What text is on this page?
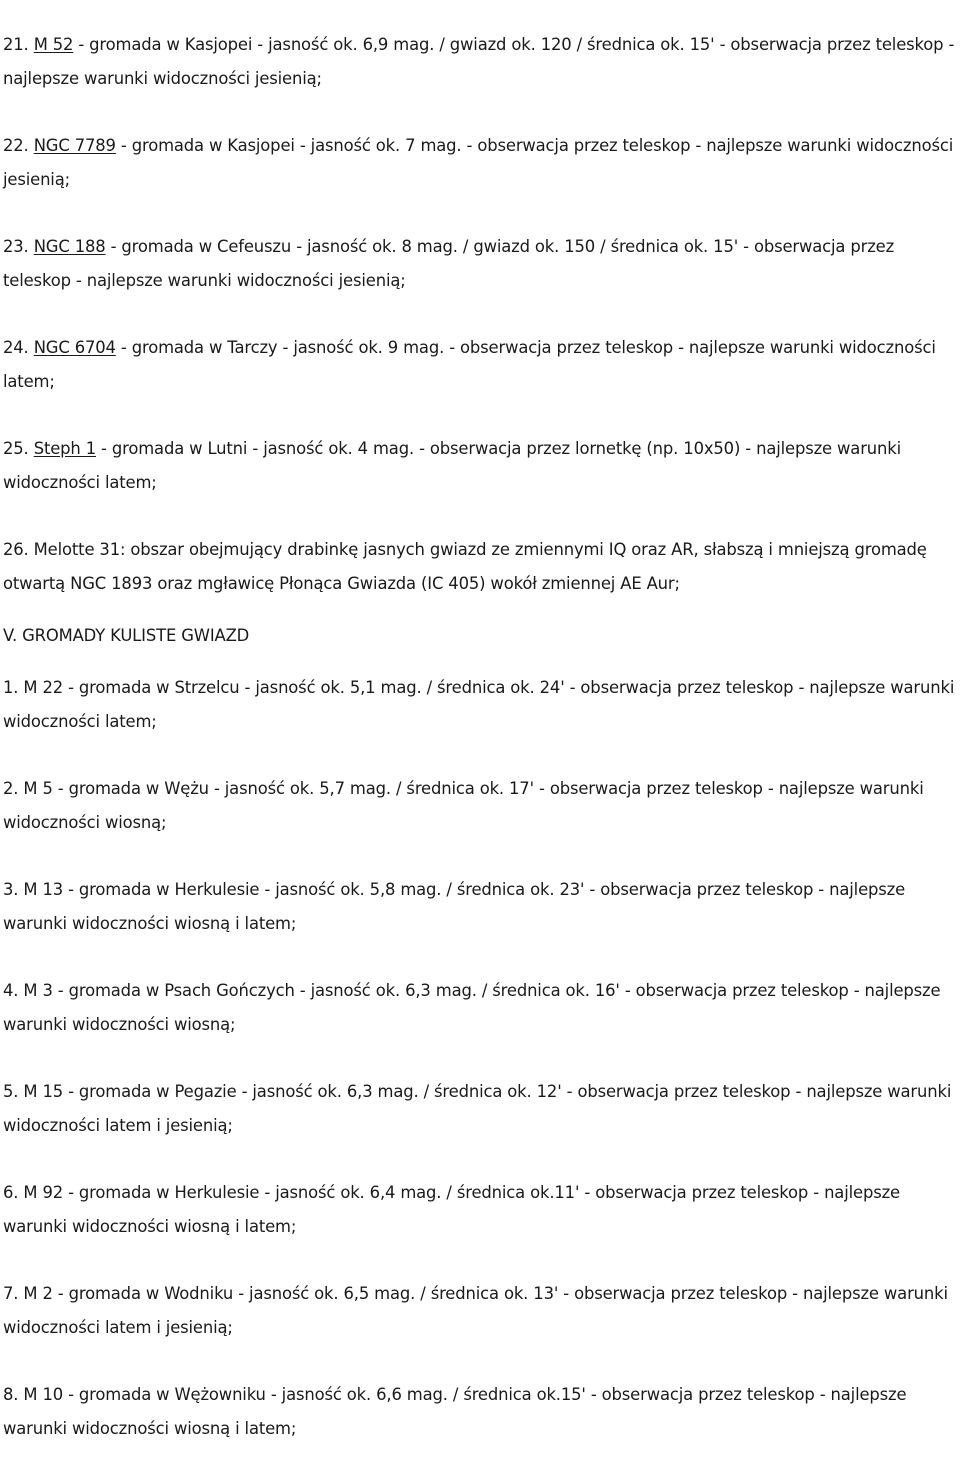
21. M 52 - gromada w Kasjopei - jasność ok. 6,9 mag. / gwiazd ok. 120 / średnica ok. 15' - obserwacja przez teleskop - najlepsze warunki widoczności jesienią;

22. NGC 7789 - gromada w Kasjopei - jasność ok. 7 mag. - obserwacja przez teleskop - najlepsze warunki widoczności jesienią;

23. NGC 188 - gromada w Cefeuszu - jasność ok. 8 mag. / gwiazd ok. 150 / średnica ok. 15' - obserwacja przez teleskop - najlepsze warunki widoczności jesienią;

24. NGC 6704 - gromada w Tarczy - jasność ok. 9 mag. - obserwacja przez teleskop - najlepsze warunki widoczności latem;

25. Steph 1 - gromada w Lutni - jasność ok. 4 mag. - obserwacja przez lornetkę (np. 10x50) - najlepsze warunki widoczności latem;

26. Melotte 31: obszar obejmujący drabinkę jasnych gwiazd ze zmiennymi IQ oraz AR, słabszą i mniejszą gromadę otwartą NGC 1893 oraz mgławicę Płonąca Gwiazda (IC 405) wokół zmiennej AE Aur;

V. GROMADY KULISTE GWIAZD

1. M 22 - gromada w Strzelcu - jasność ok. 5,1 mag. / średnica ok. 24' - obserwacja przez teleskop - najlepsze warunki widoczności latem;

2. M 5 - gromada w Wężu - jasność ok. 5,7 mag. / średnica ok. 17' - obserwacja przez teleskop - najlepsze warunki widoczności wiosną;

3. M 13 - gromada w Herkulesie - jasność ok. 5,8 mag. / średnica ok. 23' - obserwacja przez teleskop - najlepsze warunki widoczności wiosną i latem;

4. M 3 - gromada w Psach Gończych - jasność ok. 6,3 mag. / średnica ok. 16' - obserwacja przez teleskop - najlepsze warunki widoczności wiosną;

5. M 15 - gromada w Pegazie - jasność ok. 6,3 mag. / średnica ok. 12' - obserwacja przez teleskop - najlepsze warunki widoczności latem i jesienią;

6. M 92 - gromada w Herkulesie - jasność ok. 6,4 mag. / średnica ok.11' - obserwacja przez teleskop - najlepsze warunki widoczności wiosną i latem;

7. M 2 - gromada w Wodniku - jasność ok. 6,5 mag. / średnica ok. 13' - obserwacja przez teleskop - najlepsze warunki widoczności latem i jesienią;

8. M 10 - gromada w Wężowniku - jasność ok. 6,6 mag. / średnica ok.15' - obserwacja przez teleskop - najlepsze warunki widoczności wiosną i latem;
